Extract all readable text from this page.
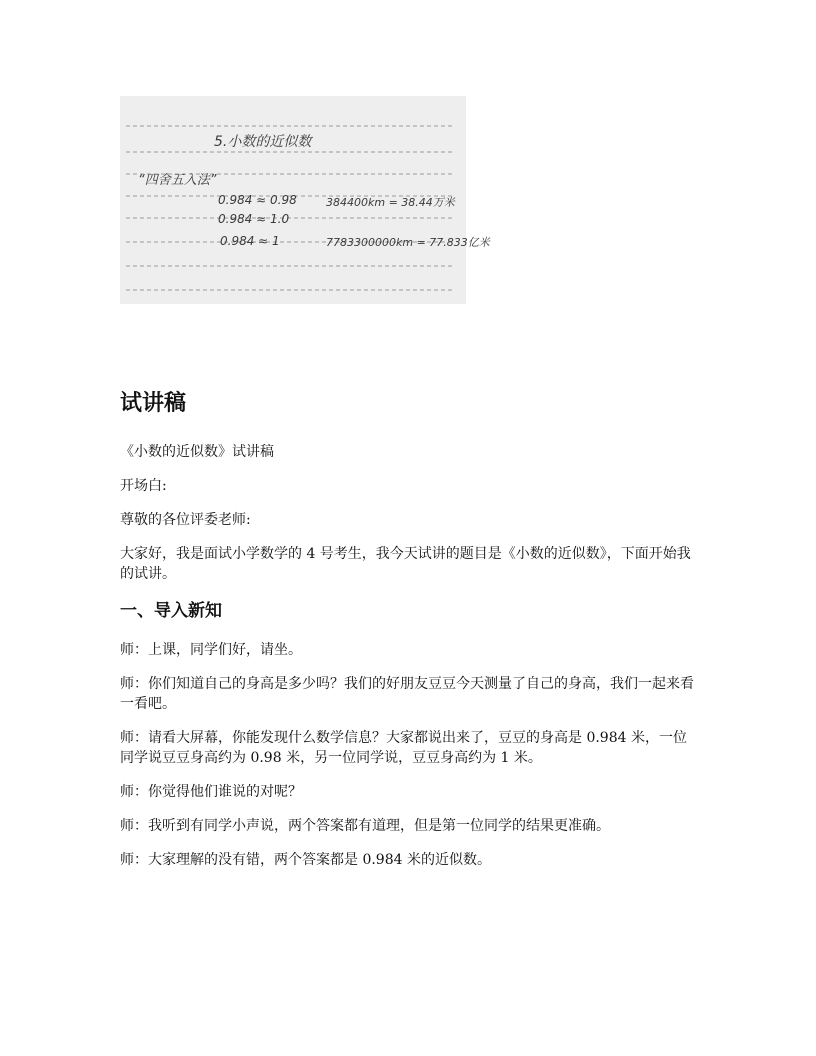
5.小数的近似数
“四舍五入法”
0.984 ≈ 0.98
0.984 ≈ 1.0
0.984 ≈ 1
384400km = 38.44万米
7783300000km = 77.833亿米
试讲稿

《小数的近似数》试讲稿

开场白:

尊敬的各位评委老师:

大家好，我是面试小学数学的 4 号考生，我今天试讲的题目是《小数的近似数》，下面开始我的试讲。

一、导入新知

师：上课，同学们好，请坐。

师：你们知道自己的身高是多少吗？我们的好朋友豆豆今天测量了自己的身高，我们一起来看一看吧。

师：请看大屏幕，你能发现什么数学信息？大家都说出来了，豆豆的身高是 0.984 米，一位同学说豆豆身高约为 0.98 米，另一位同学说，豆豆身高约为 1 米。

师：你觉得他们谁说的对呢？

师：我听到有同学小声说，两个答案都有道理，但是第一位同学的结果更准确。

师：大家理解的没有错，两个答案都是 0.984 米的近似数。
